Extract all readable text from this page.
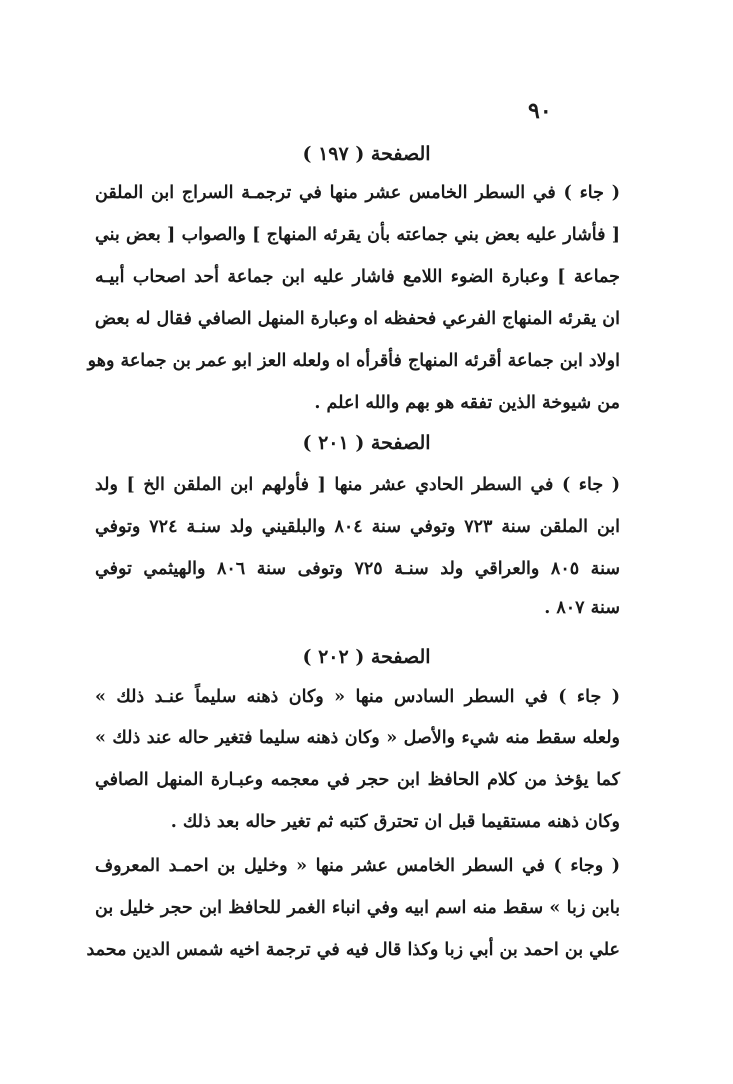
٩٠
الصفحة ( ١٩٧ )
( جاء ) في السطر الخامس عشر منها في ترجمـة السراج ابن الملقن
[ فأشار عليه بعض بني جماعته بأن يقرئه المنهاج ] والصواب [ بعض بني
جماعة ] وعبارة الضوء اللامع فاشار عليه ابن جماعة أحد اصحاب أبيـه
ان يقرئه المنهاج الفرعي فحفظه اه وعبارة المنهل الصافي فقال له بعض
اولاد ابن جماعة أقرئه المنهاج فأقرأه اه ولعله العز ابو عمر بن جماعة وهو
من شيوخة الذين تفقه هو بهم والله اعلم .
الصفحة ( ٢٠١ )
( جاء ) في السطر الحادي عشر منها [ فأولهم ابن الملقن الخ ] ولد
ابن الملقن سنة ٧٢٣ وتوفي سنة ٨٠٤ والبلقيني ولد سنـة ٧٢٤ وتوفي
سنة ٨٠٥ والعراقي ولد سنـة ٧٢٥ وتوفى سنة ٨٠٦ والهيثمي توفي
سنة ٨٠٧ .
الصفحة ( ٢٠٢ )
( جاء ) في السطر السادس منها « وكان ذهنه سليماً عنـد ذلك »
ولعله سقط منه شيء والأصل « وكان ذهنه سليما فتغير حاله عند ذلك »
كما يؤخذ من كلام الحافظ ابن حجر في معجمه وعبـارة المنهل الصافي
وكان ذهنه مستقيما قبل ان تحترق كتبه ثم تغير حاله بعد ذلك .
( وجاء ) في السطر الخامس عشر منها « وخليل بن احمـد المعروف
بابن زبا » سقط منه اسم ابيه وفي انباء الغمر للحافظ ابن حجر خليل بن
علي بن احمد بن أبي زبا وكذا قال فيه في ترجمة اخيه شمس الدين محمد
